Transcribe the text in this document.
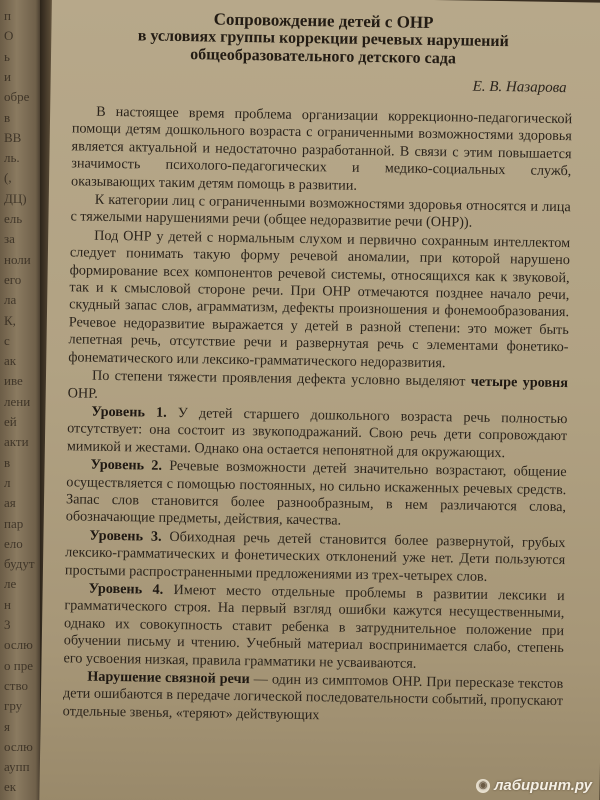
п
О
ь
и
обре
в
ВВ
ль.
(,
ДЦ)
ель
за
ноли
его
ла
К,
с
ак
иве
лени
ей
акти
в
л
ая
пар
ело
будут
ле
н
3
ослю
о пре
ство
гру
я
ослю
аупп
ек
Сопровождение детей с ОНР
в условиях группы коррекции речевых нарушений
общеобразовательного детского сада
Е. В. Назарова

В настоящее время проблема организации коррекционно-педагогической помощи детям дошкольного возраста с ограниченными возможностями здоровья является актуальной и недостаточно разработанной. В связи с этим повышается значимость психолого-педагогических и медико-социальных служб, оказывающих таким детям помощь в развитии.

К категории лиц с ограниченными возможностями здоровья относятся и лица с тяжелыми нарушениями речи (общее недоразвитие речи (ОНР)).

Под ОНР у детей с нормальным слухом и первично сохранным интеллектом следует понимать такую форму речевой аномалии, при которой нарушено формирование всех компонентов речевой системы, относящихся как к звуковой, так и к смысловой стороне речи. При ОНР отмечаются позднее начало речи, скудный запас слов, аграмматизм, дефекты произношения и фонемообразования. Речевое недоразвитие выражается у детей в разной степени: это может быть лепетная речь, отсутствие речи и развернутая речь с элементами фонетико-фонематического или лексико-грамматического недоразвития.

По степени тяжести проявления дефекта условно выделяют четыре уровня ОНР.

Уровень 1. У детей старшего дошкольного возраста речь полностью отсутствует: она состоит из звукоподражаний. Свою речь дети сопровождают мимикой и жестами. Однако она остается непонятной для окружающих.

Уровень 2. Речевые возможности детей значительно возрастают, общение осуществляется с помощью постоянных, но сильно искаженных речевых средств. Запас слов становится более разнообразным, в нем различаются слова, обозначающие предметы, действия, качества.

Уровень 3. Обиходная речь детей становится более развернутой, грубых лексико-грамматических и фонетических отклонений уже нет. Дети пользуются простыми распространенными предложениями из трех-четырех слов.

Уровень 4. Имеют место отдельные проблемы в развитии лексики и грамматического строя. На первый взгляд ошибки кажутся несущественными, однако их совокупность ставит ребенка в затруднительное положение при обучении письму и чтению. Учебный материал воспринимается слабо, степень его усвоения низкая, правила грамматики не усваиваются.

Нарушение связной речи — один из симптомов ОНР. При пересказе текстов дети ошибаются в передаче логической последовательности событий, пропускают отдельные звенья, «теряют» действующих

◉ лабиринт.ру
